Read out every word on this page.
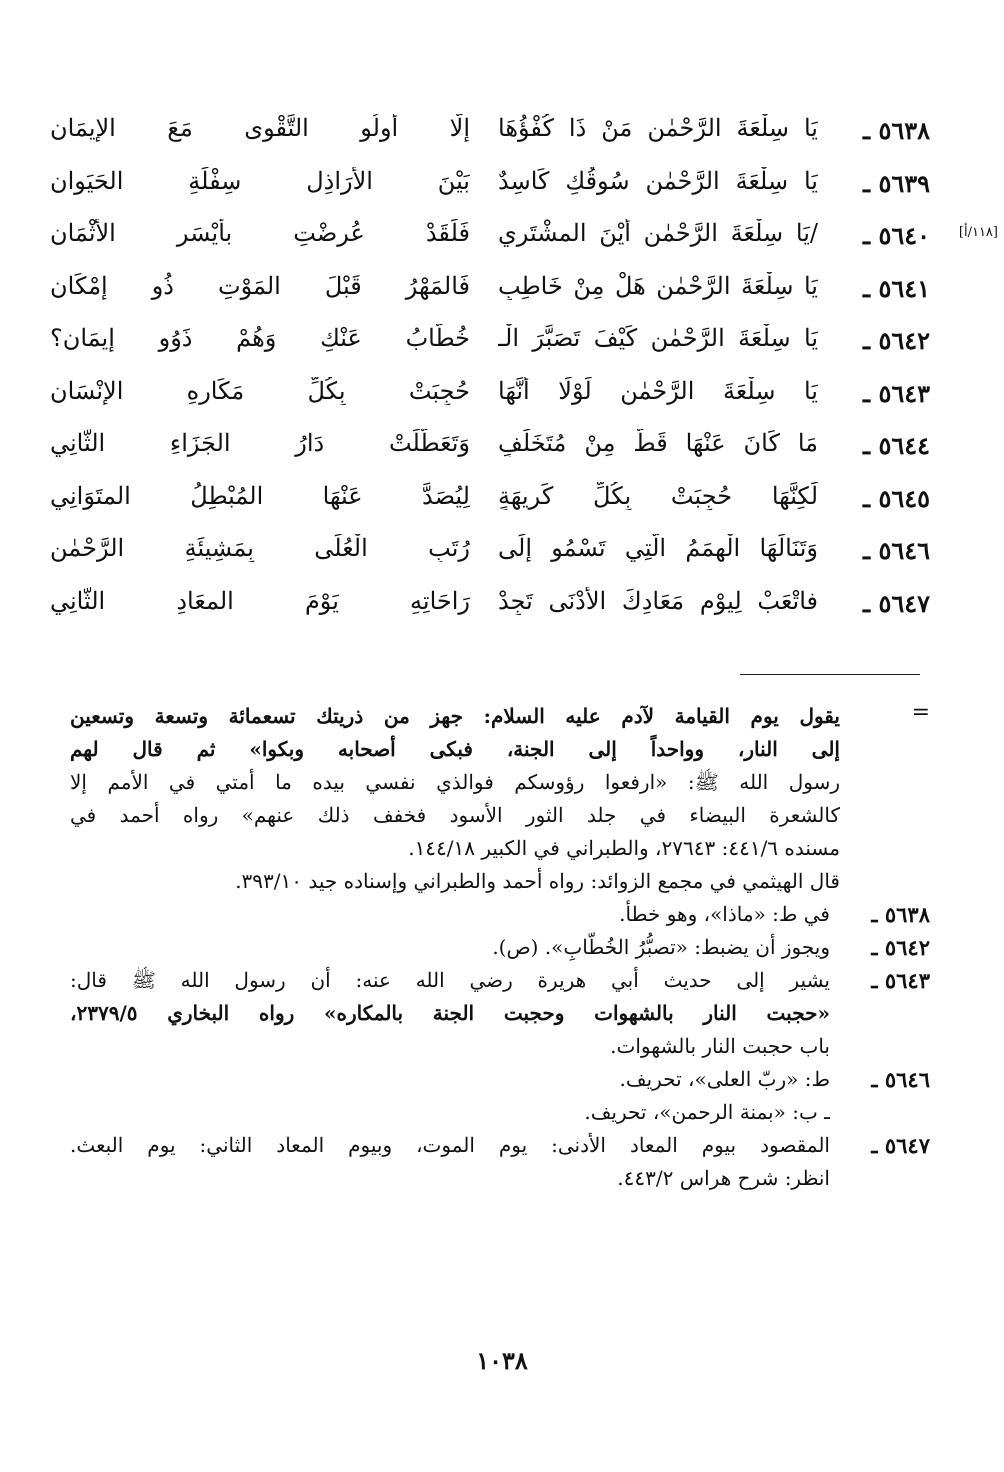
٥٦٣٨ ـ
يَا سِلْعَةَ الرَّحْمٰنِ مَنْ ذَا كُفْؤُهَا
إلَّا أُولُو التَّقْوى مَعَ الإيمَانِ
٥٦٣٩ ـ
يَا سِلْعَةَ الرَّحْمٰنِ سُوقُكِ كَاسِدٌ
بَيْنَ الأرَاذِلِ سِفْلَةِ الحَيَوانِ
[١١٨/أ]
٥٦٤٠ ـ
/يَا سِلْعَةَ الرَّحْمٰنِ أيْنَ المشْتَري
فَلَقَدْ عُرِضْتِ بأيْسَرِ الأثْمَانِ
٥٦٤١ ـ
يَا سِلْعَةَ الرَّحْمٰنِ هَلْ مِنْ خَاطِبٍ
فَالمَهْرُ قَبْلَ المَوْتِ ذُو إمْكَانِ
٥٦٤٢ ـ
يَا سِلْعَةَ الرَّحْمٰنِ كَيْفَ تَصَبَّرَ الْـ
خُطَّابُ عَنْكِ وَهُمْ ذَوُو إيمَانِ؟
٥٦٤٣ ـ
يَا سِلْعَةَ الرَّحْمٰنِ لَوْلَا أنَّهَا
حُجِبَتْ بِكُلِّ مَكَارِهِ الإنْسَانِ
٥٦٤٤ ـ
مَا كَانَ عَنْهَا قَطُّ مِنْ مُتَخَلِّفٍ
وَتَعَطَّلَتْ دَارُ الجَزَاءِ الثَّانِي
٥٦٤٥ ـ
لَكِنَّهَا حُجِبَتْ بِكُلِّ كَرِيهَةٍ
لِيُصَدَّ عَنْهَا المُبْطِلُ المتَوَانِي
٥٦٤٦ ـ
وَتَنَالَهَا الْهِمَمُ الَّتِي تَسْمُو إلَى
رُتَبِ الْعُلَى بِمَشِيئَةِ الرَّحْمٰنِ
٥٦٤٧ ـ
فاتْعَبْ لِيوْمِ مَعَادِكَ الأدْنَى تَجِدْ
رَاحَاتِهِ يَوْمَ المعَادِ الثَّانِي
=
يقول يوم القيامة لآدم عليه السلام: جهز من ذريتك تسعمائة وتسعة وتسعين
إلى النار، وواحداً إلى الجنة، فبكى أصحابه وبكوا» ثم قال لهم
رسول الله ﷺ: «ارفعوا رؤوسكم فوالذي نفسي بيده ما أمتي في الأمم إلا
كالشعرة البيضاء في جلد الثور الأسود فخفف ذلك عنهم» رواه أحمد في
مسنده ٤٤١/٦: ٢٧٦٤٣، والطبراني في الكبير ١٤٤/١٨.
قال الهيثمي في مجمع الزوائد: رواه أحمد والطبراني وإسناده جيد ٣٩٣/١٠.
٥٦٣٨ ـ
في ط: «ماذا»، وهو خطأ.
٥٦٤٢ ـ
ويجوز أن يضبط: «تصبُّرُ الخُطّابِ». (ص).
٥٦٤٣ ـ
يشير إلى حديث أبي هريرة رضي الله عنه: أن رسول الله ﷺ قال:
«حجبت النار بالشهوات وحجبت الجنة بالمكاره» رواه البخاري ٢٣٧٩/٥،
باب حجبت النار بالشهوات.
٥٦٤٦ ـ
ط: «ربّ العلى»، تحريف.
ـ ب: «بمنة الرحمن»، تحريف.
٥٦٤٧ ـ
المقصود بيوم المعاد الأدنى: يوم الموت، وبيوم المعاد الثاني: يوم البعث.
انظر: شرح هراس ٤٤٣/٢.
١٠٣٨
